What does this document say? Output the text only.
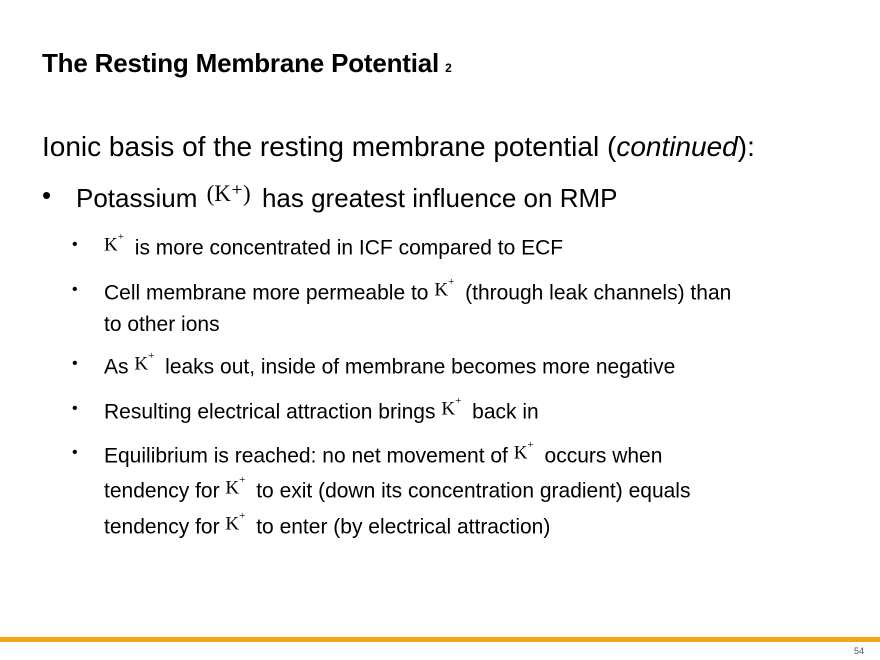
The Resting Membrane Potential 2
Ionic basis of the resting membrane potential (continued):
• Potassium (K⁺) has greatest influence on RMP
• K+ is more concentrated in ICF compared to ECF
• Cell membrane more permeable to K+ (through leak channels) than
to other ions
• As K+ leaks out, inside of membrane becomes more negative
• Resulting electrical attraction brings K+ back in
• Equilibrium is reached: no net movement of K+ occurs when
tendency for K+ to exit (down its concentration gradient) equals
tendency for K+ to enter (by electrical attraction)
54
